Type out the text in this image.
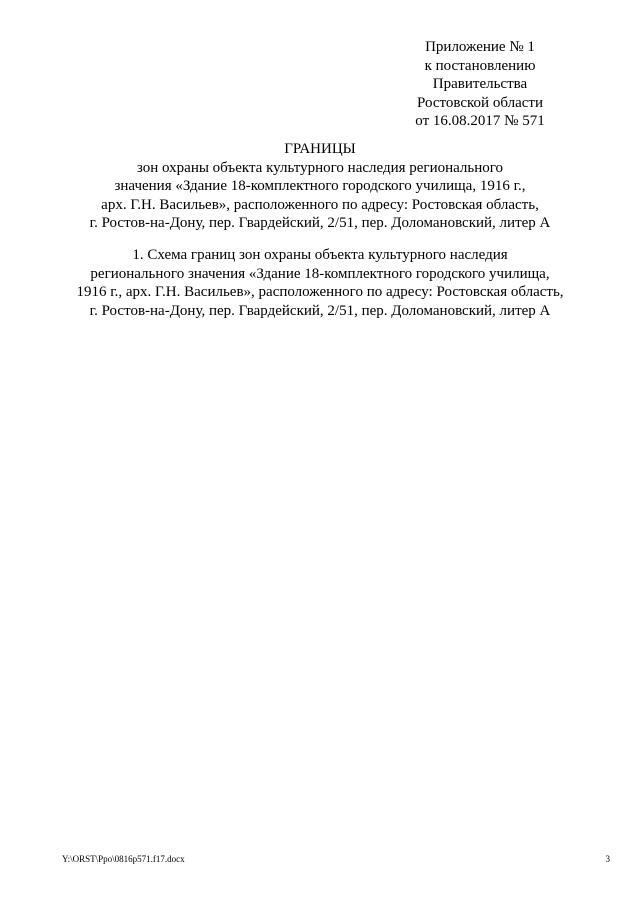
Приложение № 1
к постановлению
Правительства
Ростовской области
от 16.08.2017 № 571
ГРАНИЦЫ
зон охраны объекта культурного наследия регионального
значения «Здание 18-комплектного городского училища, 1916 г.,
арх. Г.Н. Васильев», расположенного по адресу: Ростовская область,
г. Ростов-на-Дону, пер. Гвардейский, 2/51, пер. Доломановский, литер А
1. Схема границ зон охраны объекта культурного наследия
регионального значения «Здание 18-комплектного городского училища,
1916 г., арх. Г.Н. Васильев», расположенного по адресу: Ростовская область,
г. Ростов-на-Дону, пер. Гвардейский, 2/51, пер. Доломановский, литер А
Y:\ORST\Ppo\0816p571.f17.docx	3
